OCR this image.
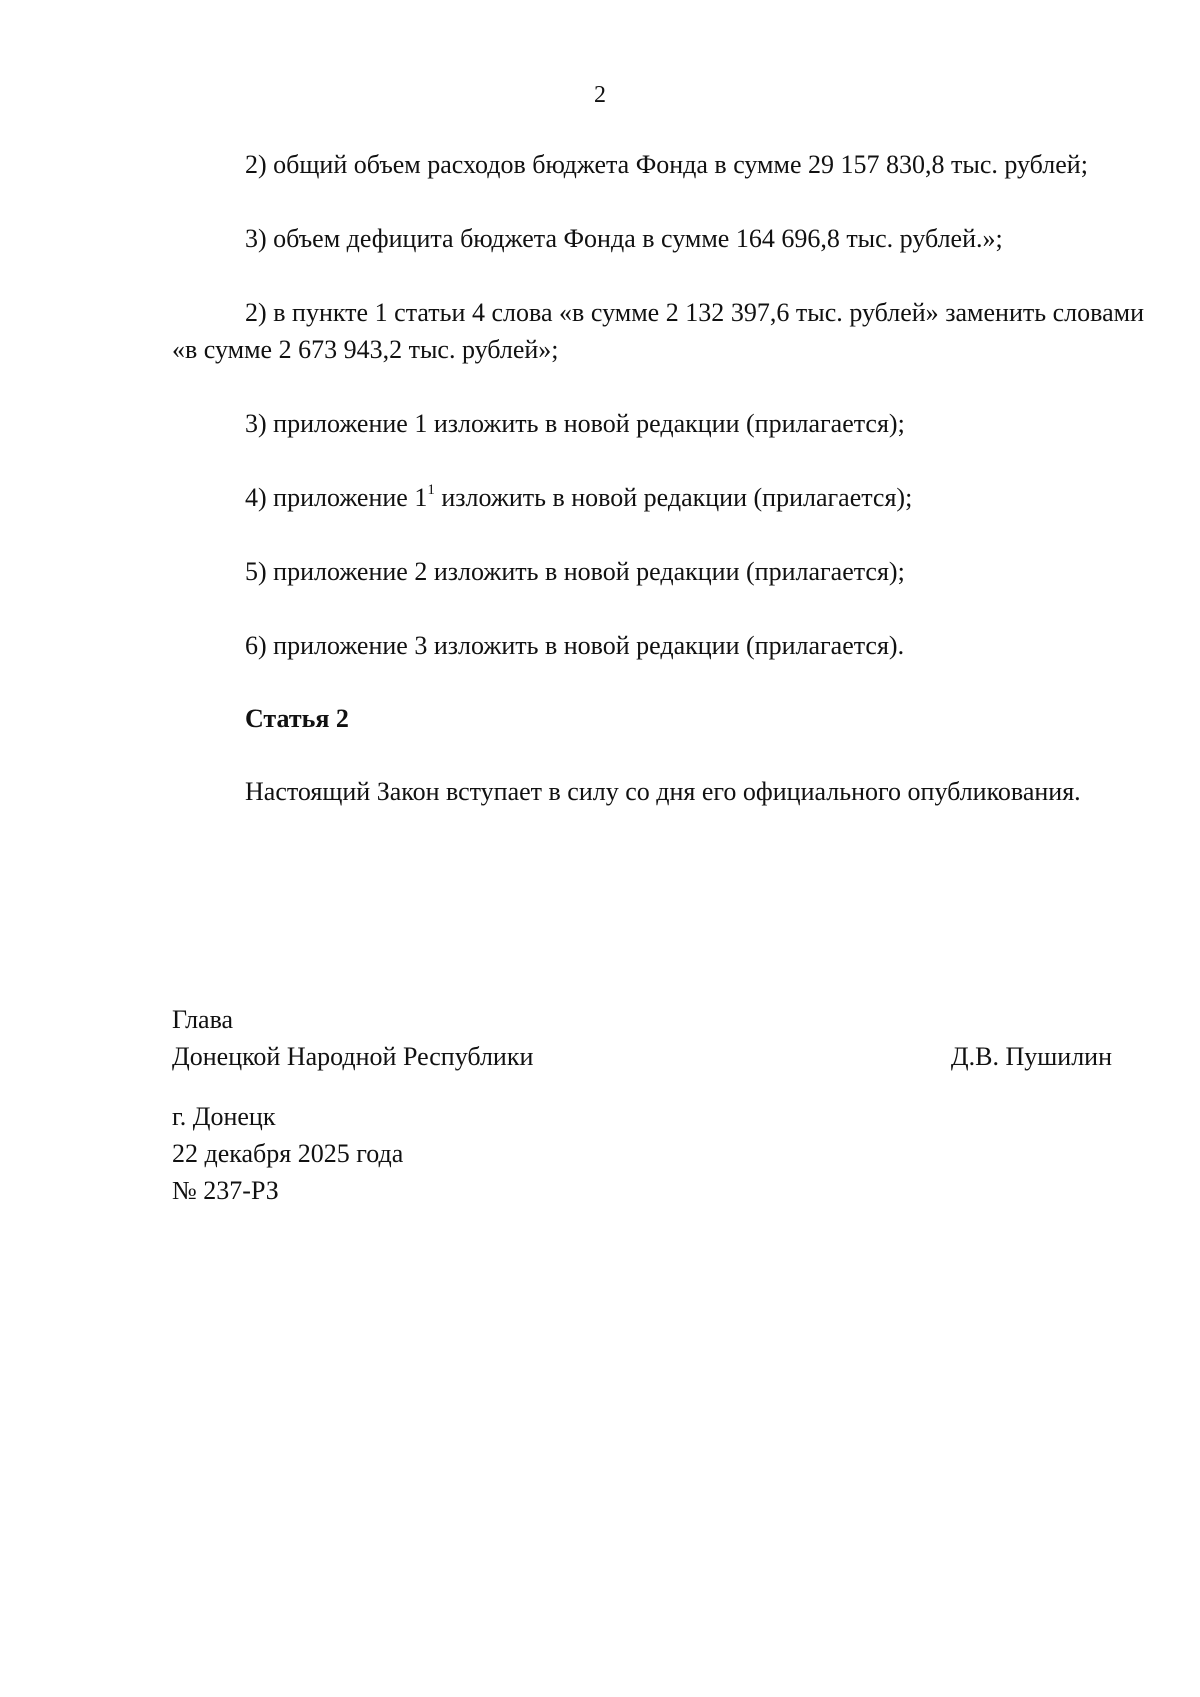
2

2) общий объем расходов бюджета Фонда в сумме 29 157 830,8 тыс. рублей;

3) объем дефицита бюджета Фонда в сумме 164 696,8 тыс. рублей.»;

2) в пункте 1 статьи 4 слова «в сумме 2 132 397,6 тыс. рублей» заменить словами «в сумме 2 673 943,2 тыс. рублей»;

3) приложение 1 изложить в новой редакции (прилагается);

4) приложение $1^1$ изложить в новой редакции (прилагается);

5) приложение 2 изложить в новой редакции (прилагается);

6) приложение 3 изложить в новой редакции (прилагается).

Статья 2

Настоящий Закон вступает в силу со дня его официального опубликования.

Глава
Донецкой Народной Республики	Д.В. Пушилин
г. Донецк
22 декабря 2025 года
№ 237-РЗ
